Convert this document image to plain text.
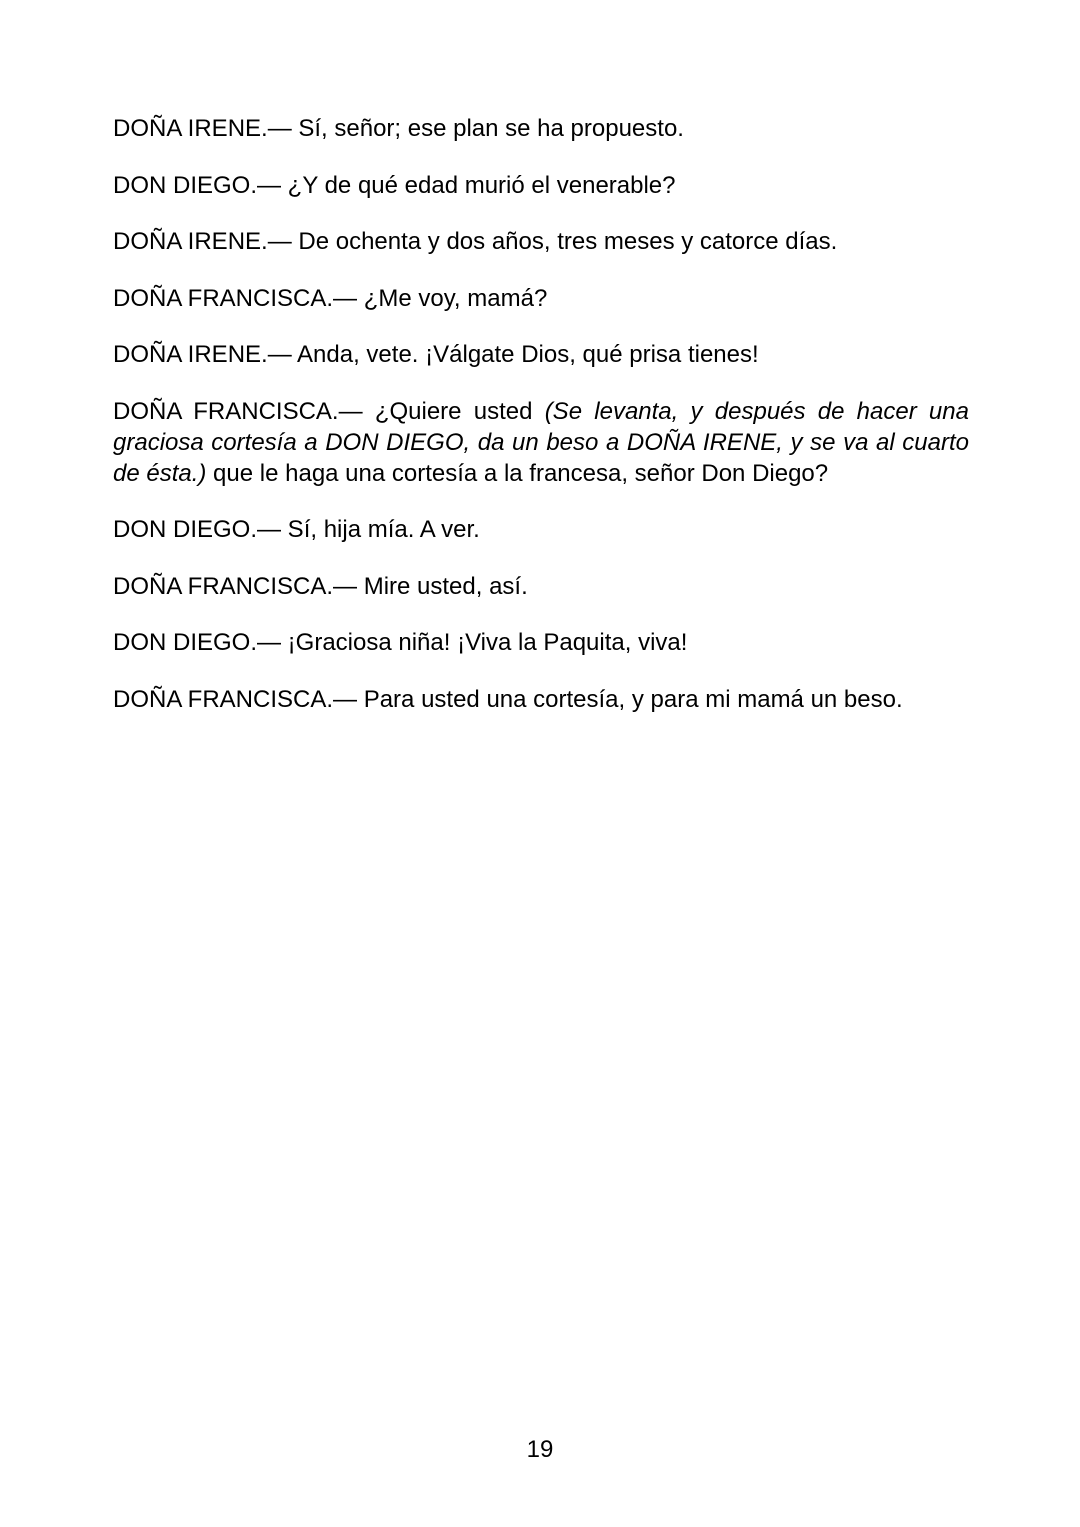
DOÑA IRENE.— Sí, señor; ese plan se ha propuesto.

DON DIEGO.— ¿Y de qué edad murió el venerable?

DOÑA IRENE.— De ochenta y dos años, tres meses y catorce días.

DOÑA FRANCISCA.— ¿Me voy, mamá?

DOÑA IRENE.— Anda, vete. ¡Válgate Dios, qué prisa tienes!

DOÑA FRANCISCA.— ¿Quiere usted (Se levanta, y después de hacer una graciosa cortesía a DON DIEGO, da un beso a DOÑA IRENE, y se va al cuarto de ésta.) que le haga una cortesía a la francesa, señor Don Diego?

DON DIEGO.— Sí, hija mía. A ver.

DOÑA FRANCISCA.— Mire usted, así.

DON DIEGO.— ¡Graciosa niña! ¡Viva la Paquita, viva!

DOÑA FRANCISCA.— Para usted una cortesía, y para mi mamá un beso.

19
